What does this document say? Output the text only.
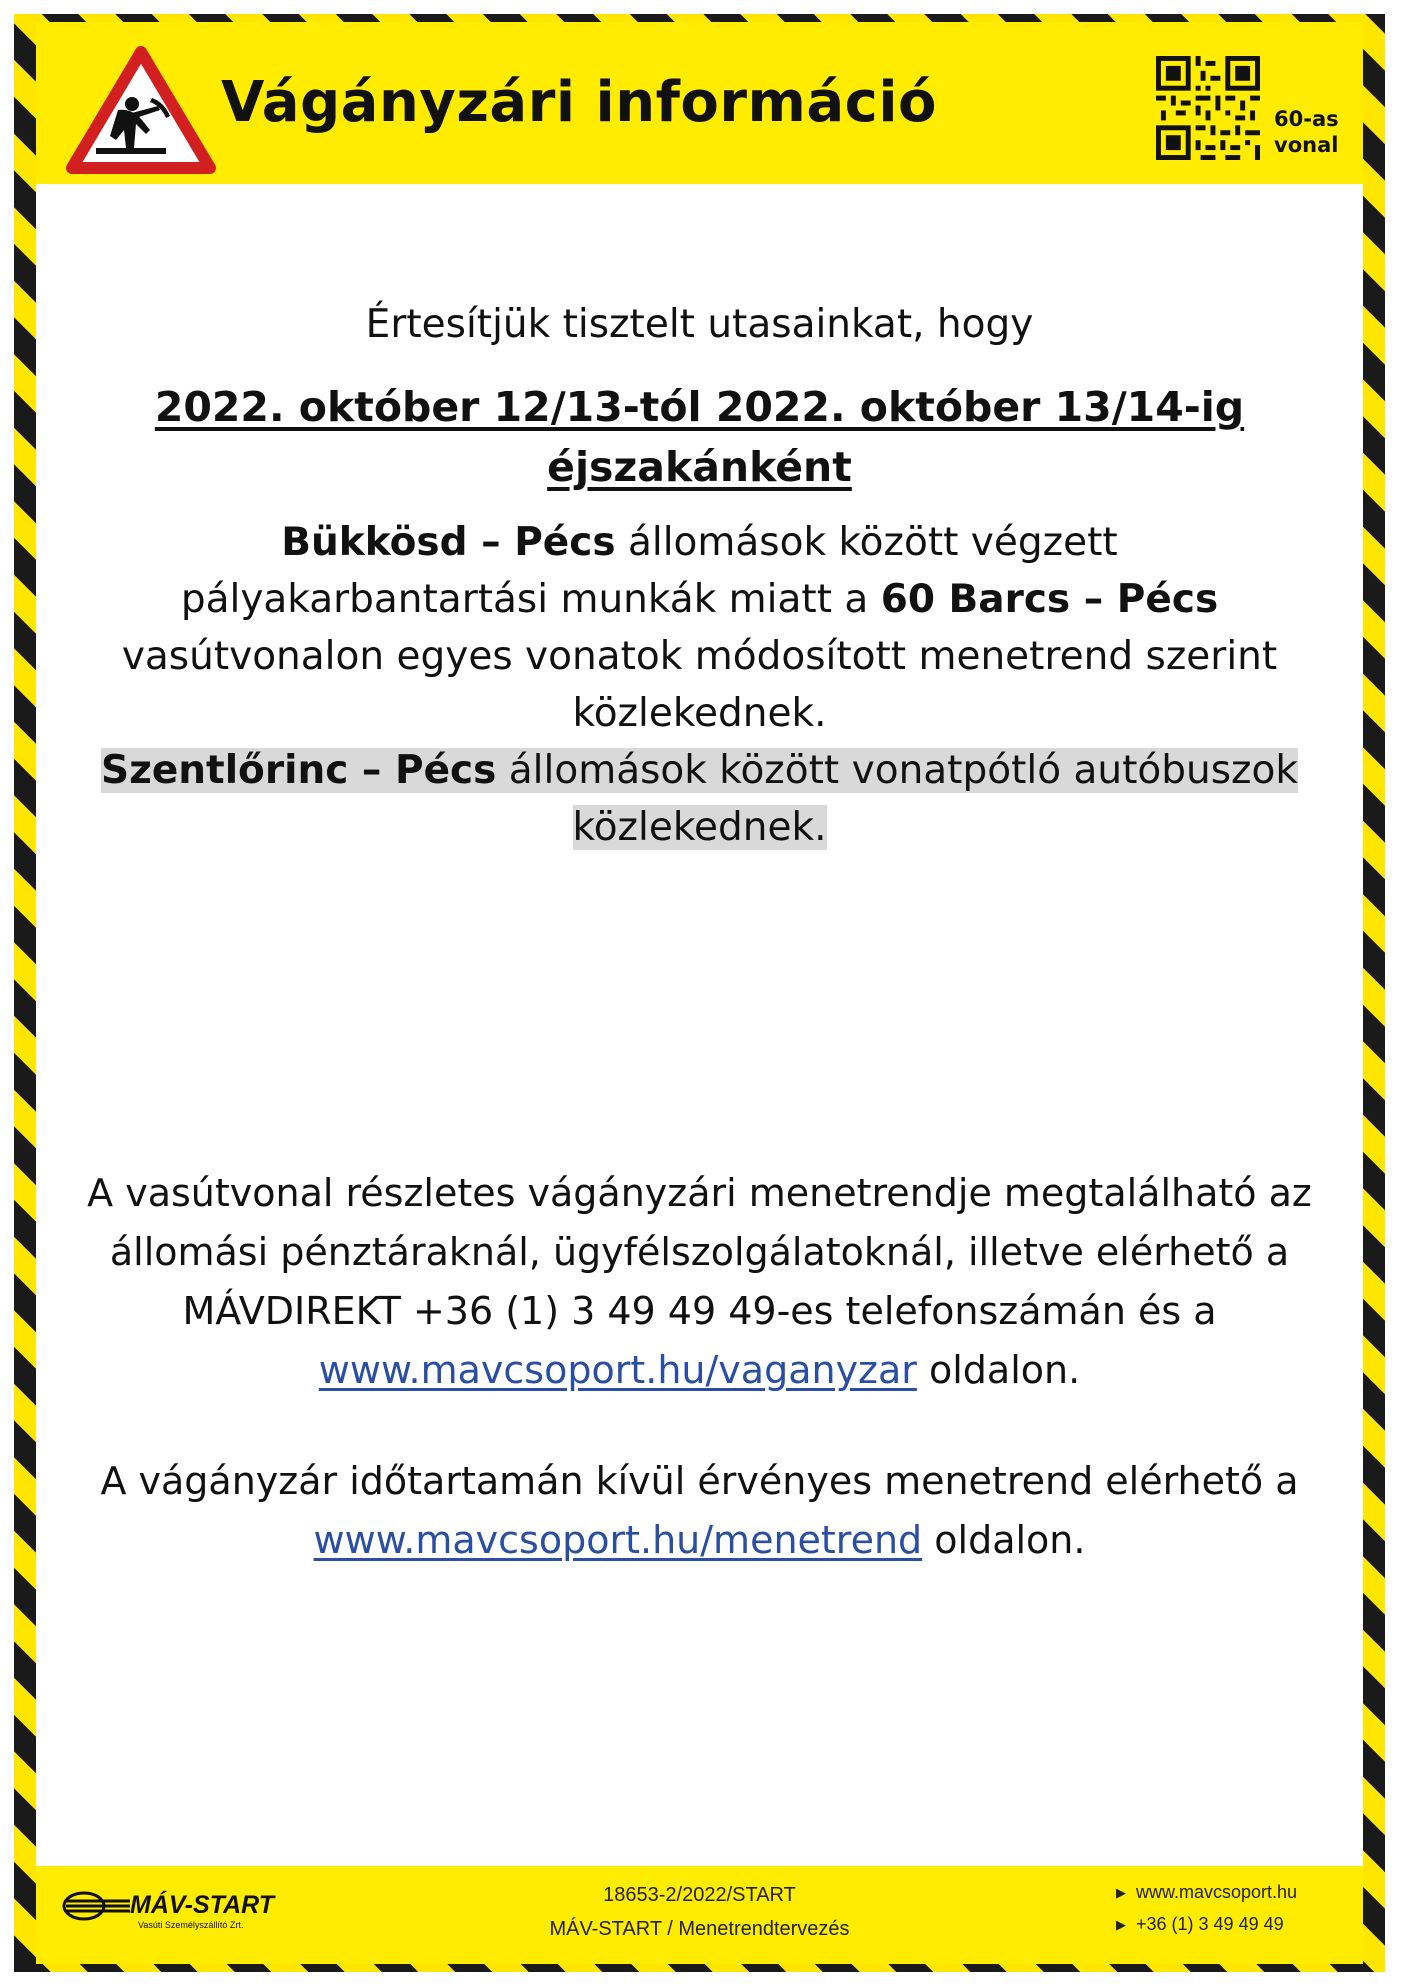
Vágányzári információ	60-as
vonal
Értesítjük tisztelt utasainkat, hogy
2022. október 12/13-tól 2022. október 13/14-ig
éjszakánként
Bükkösd – Pécs állomások között végzett pályakarbantartási munkák miatt a 60 Barcs – Pécs vasútvonalon egyes vonatok módosított menetrend szerint közlekednek.
Szentlőrinc – Pécs állomások között vonatpótló autóbuszok közlekednek.
A vasútvonal részletes vágányzári menetrendje megtalálható az állomási pénztáraknál, ügyfélszolgálatoknál, illetve elérhető a MÁVDIREKT +36 (1) 3 49 49 49-es telefonszámán és a www.mavcsoport.hu/vaganyzar oldalon.
A vágányzár időtartamán kívül érvényes menetrend elérhető a www.mavcsoport.hu/menetrend oldalon.
MÁV-START
Vasúti Személyszállító Zrt.
18653-2/2022/START
MÁV-START / Menetrendtervezés
▶ www.mavcsoport.hu
▶ +36 (1) 3 49 49 49
